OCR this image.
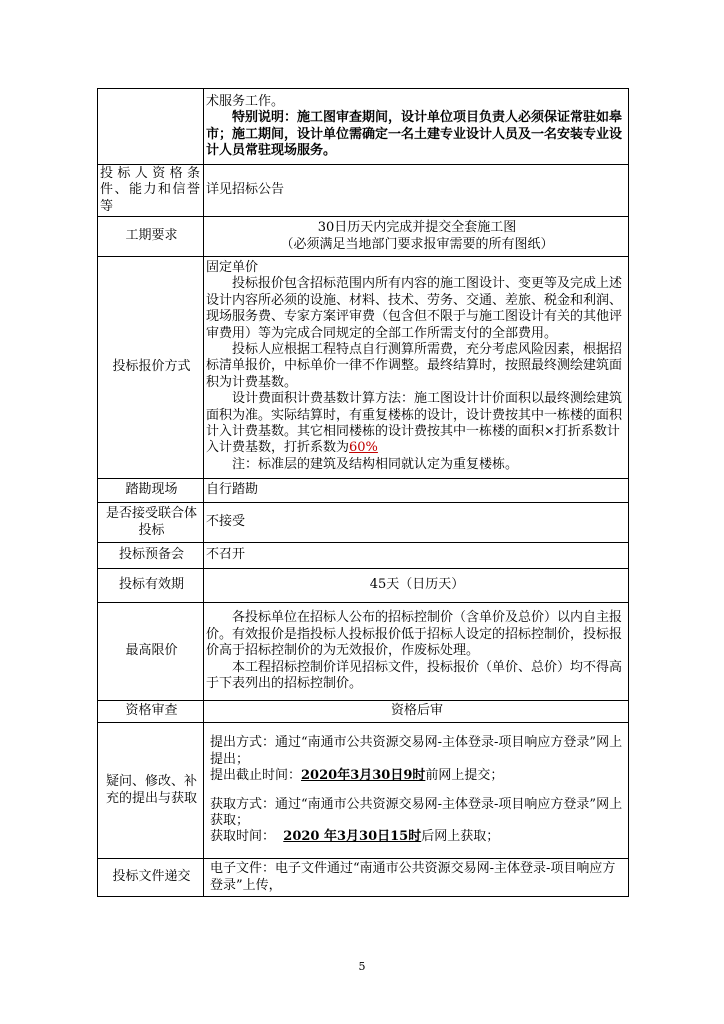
	术服务工作。
特别说明：施工图审查期间，设计单位项目负责人必须保证常驻如皋市；施工期间，设计单位需确定一名土建专业设计人员及一名安装专业设计人员常驻现场服务。

投标人资格条件、能力和信誉等	详见招标公告
工期要求	30日历天内完成并提交全套施工图
（必须满足当地部门要求报审需要的所有图纸）

投标报价方式	固定单价
投标报价包含招标范围内所有内容的施工图设计、变更等及完成上述设计内容所必须的设施、材料、技术、劳务、交通、差旅、税金和利润、现场服务费、专家方案评审费（包含但不限于与施工图设计有关的其他评审费用）等为完成合同规定的全部工作所需支付的全部费用。
投标人应根据工程特点自行测算所需费，充分考虑风险因素，根据招标清单报价，中标单价一律不作调整。最终结算时，按照最终测绘建筑面积为计费基数。
设计费面积计费基数计算方法：施工图设计计价面积以最终测绘建筑面积为准。实际结算时，有重复楼栋的设计，设计费按其中一栋楼的面积计入计费基数。其它相同楼栋的设计费按其中一栋楼的面积×打折系数计入计费基数，打折系数为60%
注：标准层的建筑及结构相同就认定为重复楼栋。

踏勘现场	自行踏勘
是否接受联合体投标	不接受
投标预备会	不召开
投标有效期	45天（日历天）
最高限价	各投标单位在招标人公布的招标控制价（含单价及总价）以内自主报价。有效报价是指投标人投标报价低于招标人设定的招标控制价，投标报价高于招标控制价的为无效报价，作废标处理。
本工程招标控制价详见招标文件，投标报价（单价、总价）均不得高于下表列出的招标控制价。

资格审查	资格后审
疑问、修改、补充的提出与获取	提出方式：通过“南通市公共资源交易网-主体登录-项目响应方登录”网上提出；
提出截止时间：2020年3月30日9时前网上提交；
获取方式：通过“南通市公共资源交易网-主体登录-项目响应方登录”网上获取；
获取时间： 2020 年3月30日15时后网上获取；

投标文件递交	电子文件：电子文件通过“南通市公共资源交易网-主体登录-项目响应方登录”上传，
5
